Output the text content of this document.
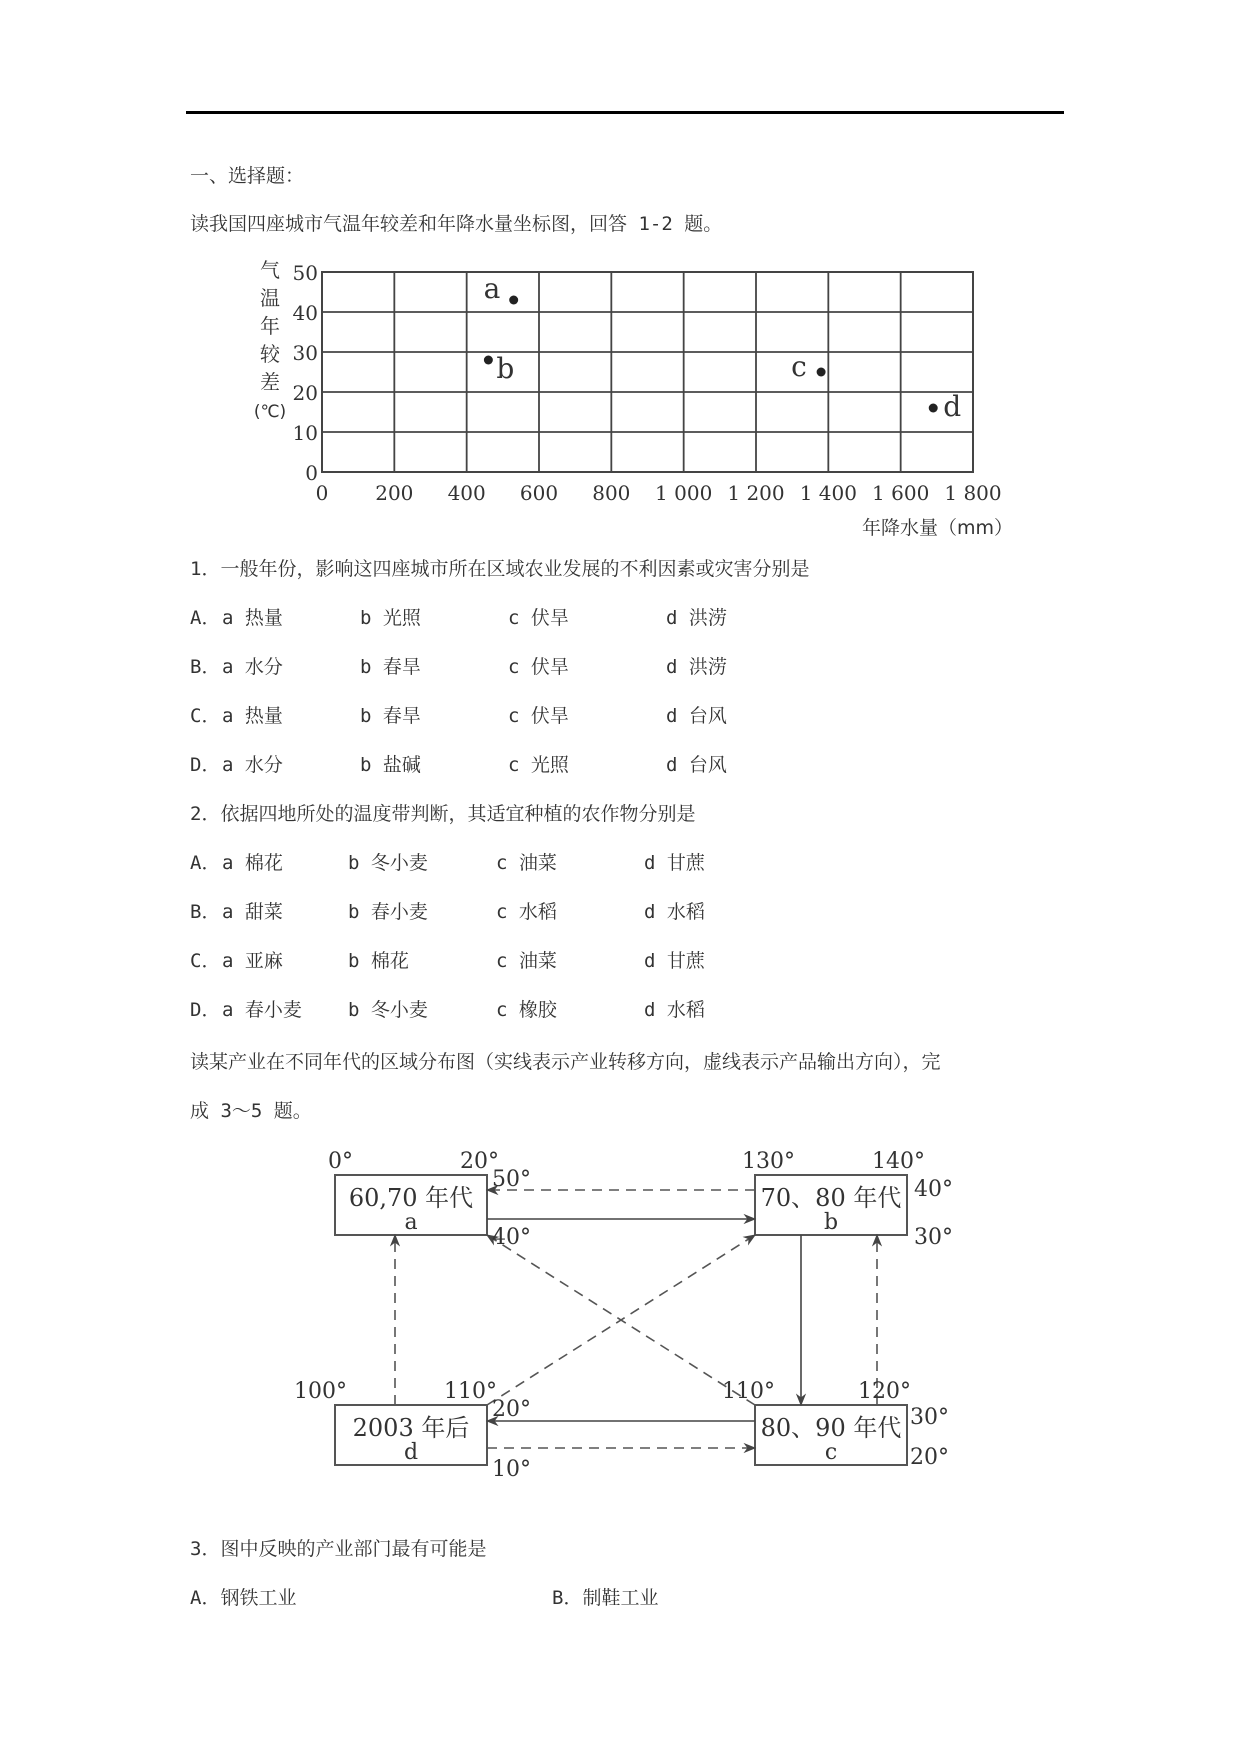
一、选择题：
读我国四座城市气温年较差和年降水量坐标图，回答 1-2 题。
0
10
20
30
40
50
0 200 400 600 800 1 000 1 200 1 400 1 600 1 800
气
温
年
较
差
(℃)
年降水量（mm）
a
b	c
d
1．一般年份，影响这四座城市所在区域农业发展的不利因素或灾害分别是
A． a 热量	b 光照	c 伏旱	d 洪涝
B． a 水分	b 春旱	c 伏旱	d 洪涝
C． a 热量	b 春旱	c 伏旱	d 台风
D． a 水分	b 盐碱	c 光照	d 台风
2．依据四地所处的温度带判断，其适宜种植的农作物分别是
A． a 棉花	b 冬小麦	c 油菜	d 甘蔗
B． a 甜菜	b 春小麦	c 水稻	d 水稻
C． a 亚麻	b 棉花	c 油菜	d 甘蔗
D． a 春小麦 b 冬小麦	c 橡胶	d 水稻
读某产业在不同年代的区域分布图（实线表示产业转移方向，虚线表示产品输出方向），完
成 3～5 题。
60,70 年代
a
70、80 年代
b
2003 年后
d
80、90 年代
c
0°	20°
50°
40°
130°	140°
40°
30°
100°	110°
20°
10°
110°	120°
30°
20°
3．图中反映的产业部门最有可能是
A．钢铁工业	B．制鞋工业
